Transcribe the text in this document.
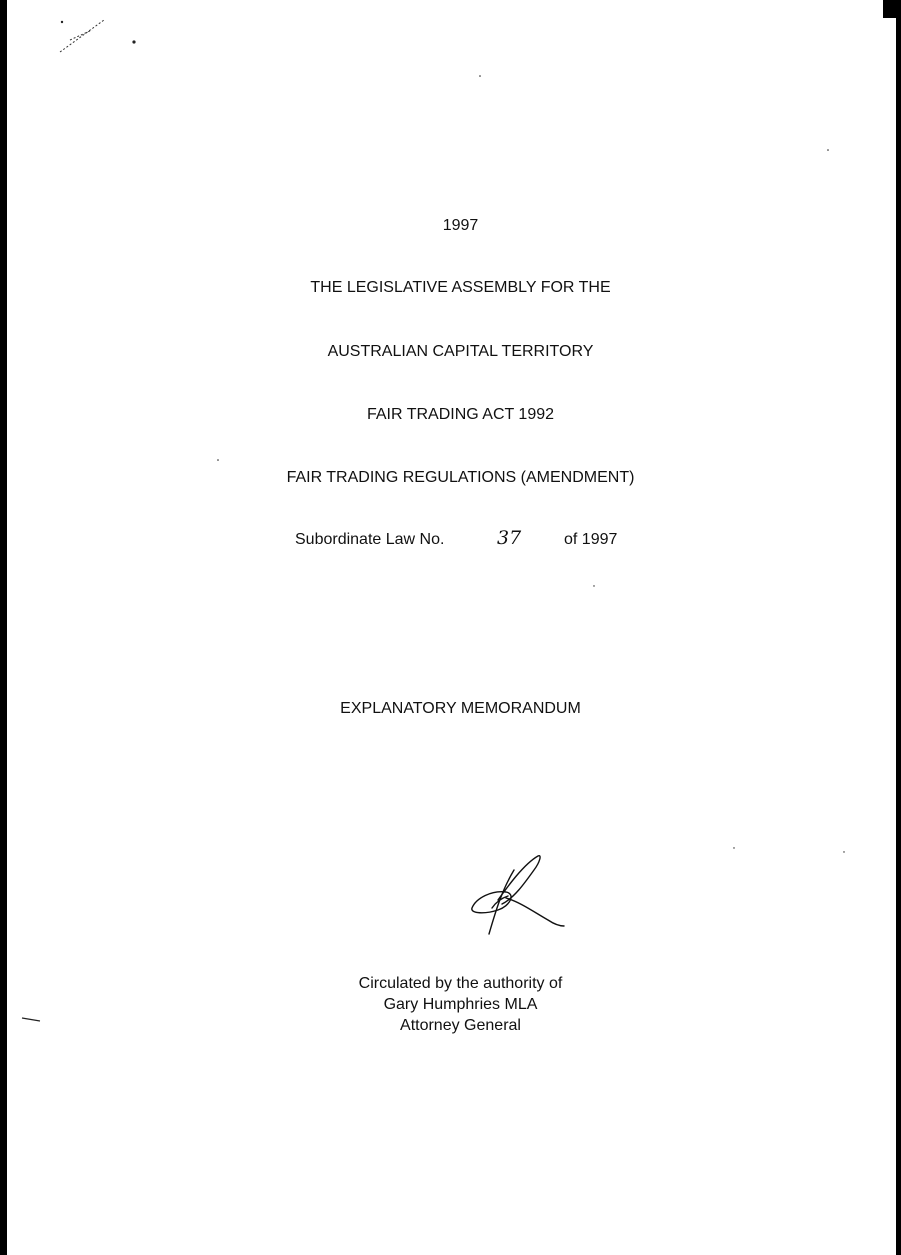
1997
THE LEGISLATIVE ASSEMBLY FOR THE
AUSTRALIAN CAPITAL TERRITORY
FAIR TRADING ACT 1992
FAIR TRADING REGULATIONS (AMENDMENT)
Subordinate Law No.	37	of 1997
EXPLANATORY MEMORANDUM
Circulated by the authority of
Gary Humphries MLA
Attorney General
